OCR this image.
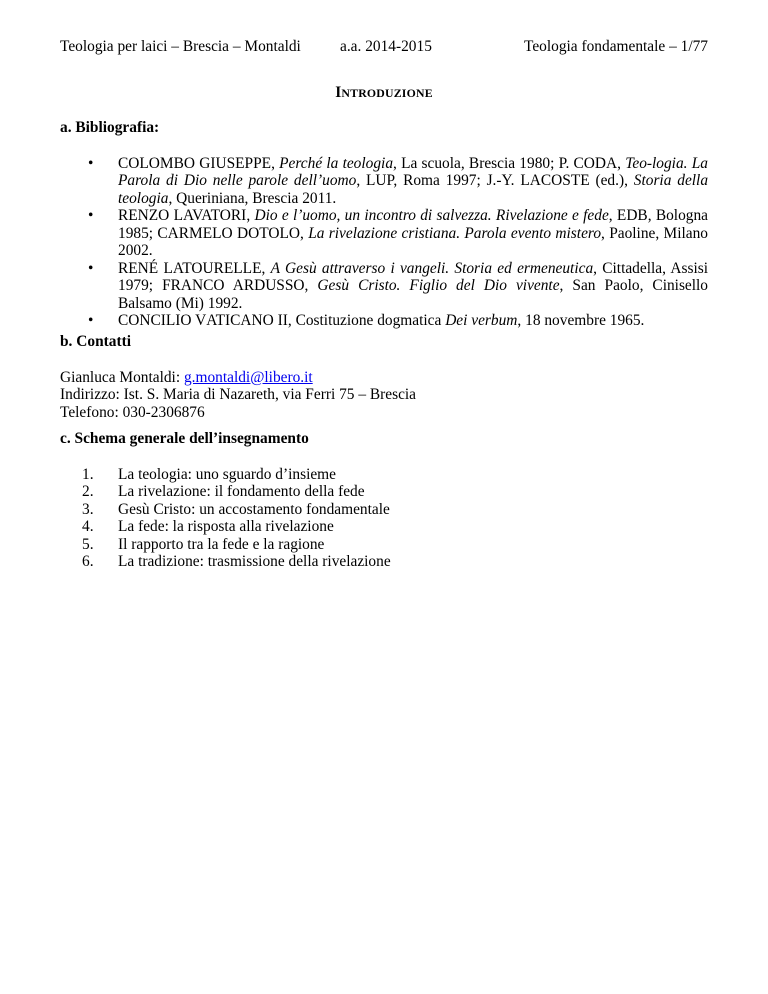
Teologia per laici – Brescia – Montaldi	a.a. 2014-2015	Teologia fondamentale – 1/77
INTRODUZIONE
a. Bibliografia:
• COLOMBO GIUSEPPE, Perché la teologia, La scuola, Brescia 1980; P. CODA, Teo-logia. La Parola di Dio nelle parole dell’uomo, LUP, Roma 1997; J.-Y. LACOSTE (ed.), Storia della teologia, Queriniana, Brescia 2011.
• RENZO LAVATORI, Dio e l’uomo, un incontro di salvezza. Rivelazione e fede, EDB, Bologna 1985; CARMELO DOTOLO, La rivelazione cristiana. Parola evento mistero, Paoline, Milano 2002.
• RENÉ LATOURELLE, A Gesù attraverso i vangeli. Storia ed ermeneutica, Cittadella, Assisi 1979; FRANCO ARDUSSO, Gesù Cristo. Figlio del Dio vivente, San Paolo, Cinisello Balsamo (Mi) 1992.
• CONCILIO VATICANO II, Costituzione dogmatica Dei verbum, 18 novembre 1965.
b. Contatti
Gianluca Montaldi: g.montaldi@libero.it
Indirizzo: Ist. S. Maria di Nazareth, via Ferri 75 – Brescia
Telefono: 030-2306876
c. Schema generale dell’insegnamento
1. La teologia: uno sguardo d’insieme
2. La rivelazione: il fondamento della fede
3. Gesù Cristo: un accostamento fondamentale
4. La fede: la risposta alla rivelazione
5. Il rapporto tra la fede e la ragione
6. La tradizione: trasmissione della rivelazione
